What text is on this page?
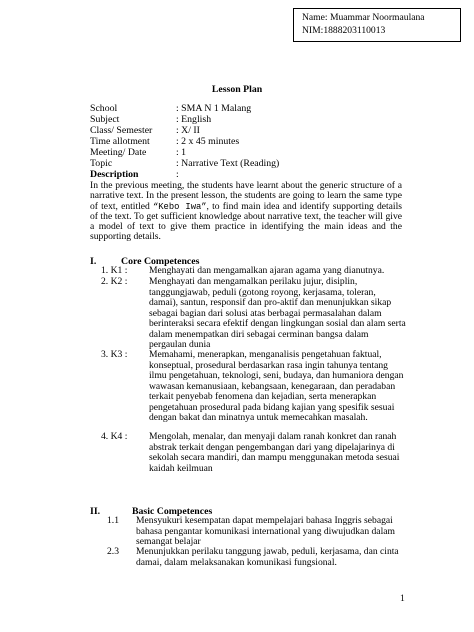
Name: Muammar Noormaulana
NIM:1888203110013
Lesson Plan
School	: SMA N 1 Malang
Subject	: English
Class/ Semester : X/ II
Time allotment	: 2 x 45 minutes
Meeting/ Date	: 1
Topic	: Narrative Text (Reading)
Description	:
In the previous meeting, the students have learnt about the generic structure of a narrative text. In the present lesson, the students are going to learn the same type of text, entitled “Kebo Iwa”, to find main idea and identify supporting details of the text. To get sufficient knowledge about narrative text, the teacher will give a model of text to give them practice in identifying the main ideas and the supporting details.
I.	Core Competences
1. K1 : Menghayati dan mengamalkan ajaran agama yang dianutnya.
2. K2 : Menghayati dan mengamalkan perilaku jujur, disiplin, tanggungjawab, peduli (gotong royong, kerjasama, toleran, damai), santun, responsif dan pro-aktif dan menunjukkan sikap sebagai bagian dari solusi atas berbagai permasalahan dalam berinteraksi secara efektif dengan lingkungan sosial dan alam serta dalam menempatkan diri sebagai cerminan bangsa dalam pergaulan dunia
3. K3 : Memahami, menerapkan, menganalisis pengetahuan faktual, konseptual, prosedural berdasarkan rasa ingin tahunya tentang ilmu pengetahuan, teknologi, seni, budaya, dan humaniora dengan wawasan kemanusiaan, kebangsaan, kenegaraan, dan peradaban terkait penyebab fenomena dan kejadian, serta menerapkan pengetahuan prosedural pada bidang kajian yang spesifik sesuai dengan bakat dan minatnya untuk memecahkan masalah.
4. K4 : Mengolah, menalar, dan menyaji dalam ranah konkret dan ranah abstrak terkait dengan pengembangan dari yang dipelajarinya di sekolah secara mandiri, dan mampu menggunakan metoda sesuai kaidah keilmuan
II.	Basic Competences
1.1 Mensyukuri kesempatan dapat mempelajari bahasa Inggris sebagai bahasa pengantar komunikasi international yang diwujudkan dalam semangat belajar
2.3 Menunjukkan perilaku tanggung jawab, peduli, kerjasama, dan cinta damai, dalam melaksanakan komunikasi fungsional.
1
